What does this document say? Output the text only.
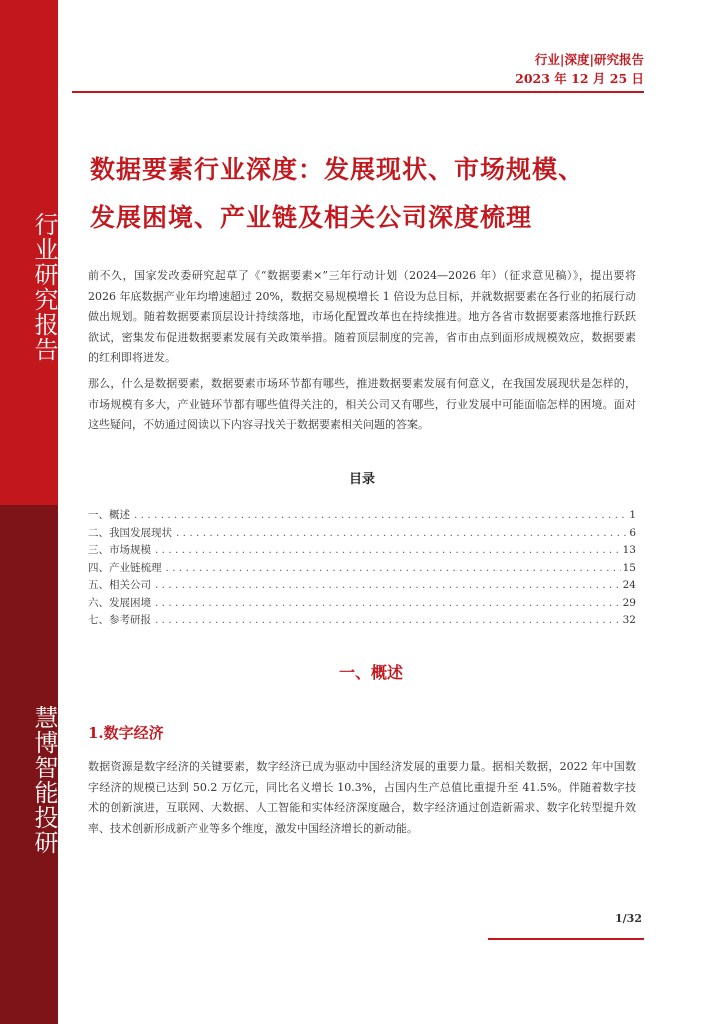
行业研究报告
慧博智能投研
行业|深度|研究报告
2023 年 12 月 25 日
数据要素行业深度：发展现状、市场规模、
发展困境、产业链及相关公司深度梳理
前不久，国家发改委研究起草了《“数据要素×”三年行动计划（2024—2026 年）（征求意见稿）》，提出要将 2026 年底数据产业年均增速超过 20%，数据交易规模增长 1 倍设为总目标，并就数据要素在各行业的拓展行动做出规划。随着数据要素顶层设计持续落地，市场化配置改革也在持续推进。地方各省市数据要素落地推行跃跃欲试，密集发布促进数据要素发展有关政策举措。随着顶层制度的完善，省市由点到面形成规模效应，数据要素的红利即将迸发。
那么，什么是数据要素，数据要素市场环节都有哪些，推进数据要素发展有何意义，在我国发展现状是怎样的，市场规模有多大，产业链环节都有哪些值得关注的，相关公司又有哪些，行业发展中可能面临怎样的困境。面对这些疑问，不妨通过阅读以下内容寻找关于数据要素相关问题的答案。
目录
一、概述 . . .	1
二、我国发展现状 . . .	6
三、市场规模 . . .	13
四、产业链梳理 . . .	15
五、相关公司 . . .	24
六、发展困境 . . .	29
七、参考研报 . . .	32
一、概述
1.数字经济
数据资源是数字经济的关键要素，数字经济已成为驱动中国经济发展的重要力量。据相关数据，2022 年中国数字经济的规模已达到 50.2 万亿元，同比名义增长 10.3%，占国内生产总值比重提升至 41.5%。伴随着数字技术的创新演进，互联网、大数据、人工智能和实体经济深度融合，数字经济通过创造新需求、数字化转型提升效率、技术创新形成新产业等多个维度，激发中国经济增长的新动能。
1/32
